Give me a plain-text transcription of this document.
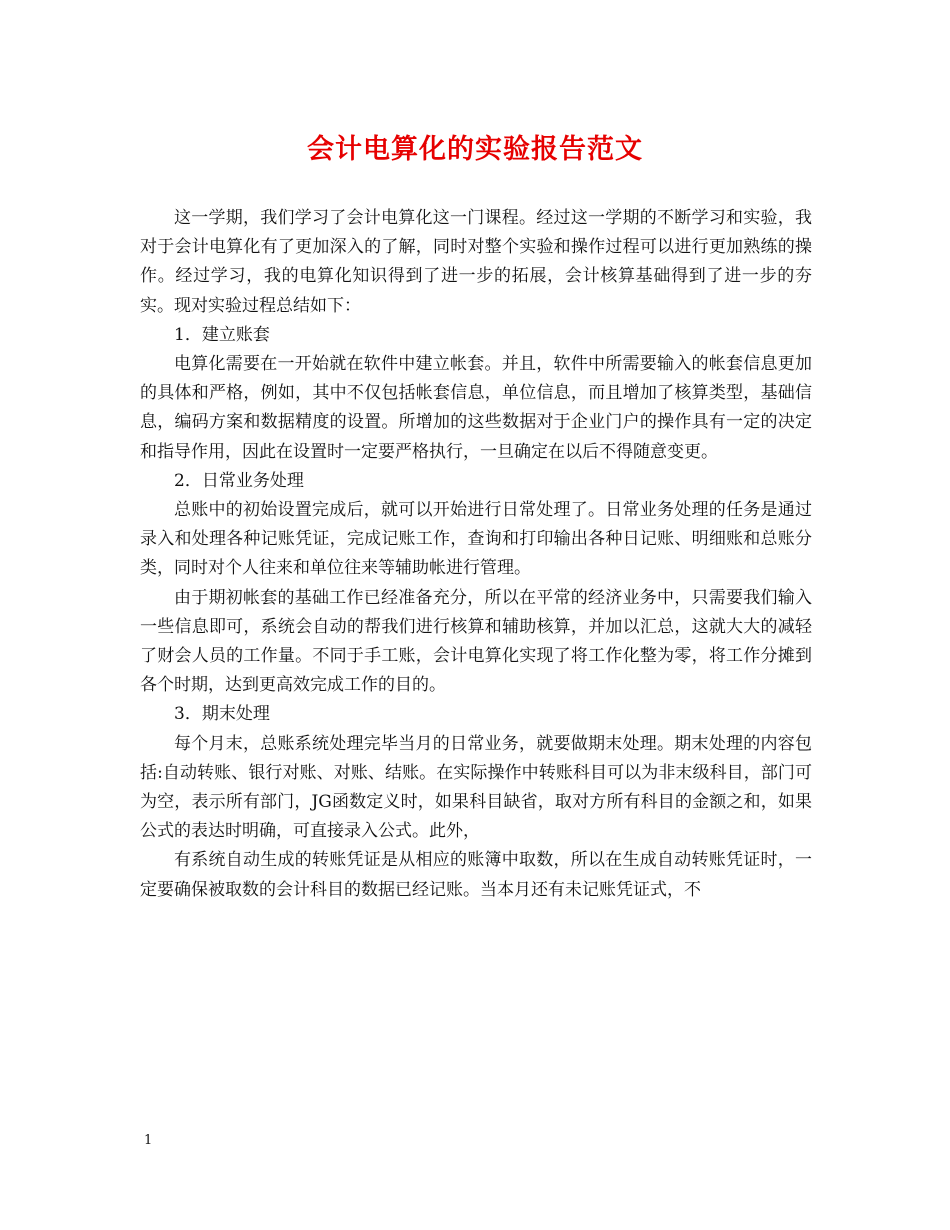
会计电算化的实验报告范文

这一学期，我们学习了会计电算化这一门课程。经过这一学期的不断学习和实验，我对于会计电算化有了更加深入的了解，同时对整个实验和操作过程可以进行更加熟练的操作。经过学习，我的电算化知识得到了进一步的拓展，会计核算基础得到了进一步的夯实。现对实验过程总结如下：

1．建立账套

电算化需要在一开始就在软件中建立帐套。并且，软件中所需要输入的帐套信息更加的具体和严格，例如，其中不仅包括帐套信息，单位信息，而且增加了核算类型，基础信息，编码方案和数据精度的设置。所增加的这些数据对于企业门户的操作具有一定的决定和指导作用，因此在设置时一定要严格执行，一旦确定在以后不得随意变更。

2．日常业务处理

总账中的初始设置完成后，就可以开始进行日常处理了。日常业务处理的任务是通过录入和处理各种记账凭证，完成记账工作，查询和打印输出各种日记账、明细账和总账分类，同时对个人往来和单位往来等辅助帐进行管理。

由于期初帐套的基础工作已经准备充分，所以在平常的经济业务中，只需要我们输入一些信息即可，系统会自动的帮我们进行核算和辅助核算，并加以汇总，这就大大的减轻了财会人员的工作量。不同于手工账，会计电算化实现了将工作化整为零，将工作分摊到各个时期，达到更高效完成工作的目的。

3．期末处理

每个月末，总账系统处理完毕当月的日常业务，就要做期末处理。期末处理的内容包括:自动转账、银行对账、对账、结账。在实际操作中转账科目可以为非末级科目，部门可为空，表示所有部门，JG函数定义时，如果科目缺省，取对方所有科目的金额之和，如果公式的表达时明确，可直接录入公式。此外，

有系统自动生成的转账凭证是从相应的账簿中取数，所以在生成自动转账凭证时，一定要确保被取数的会计科目的数据已经记账。当本月还有未记账凭证式，不

1
